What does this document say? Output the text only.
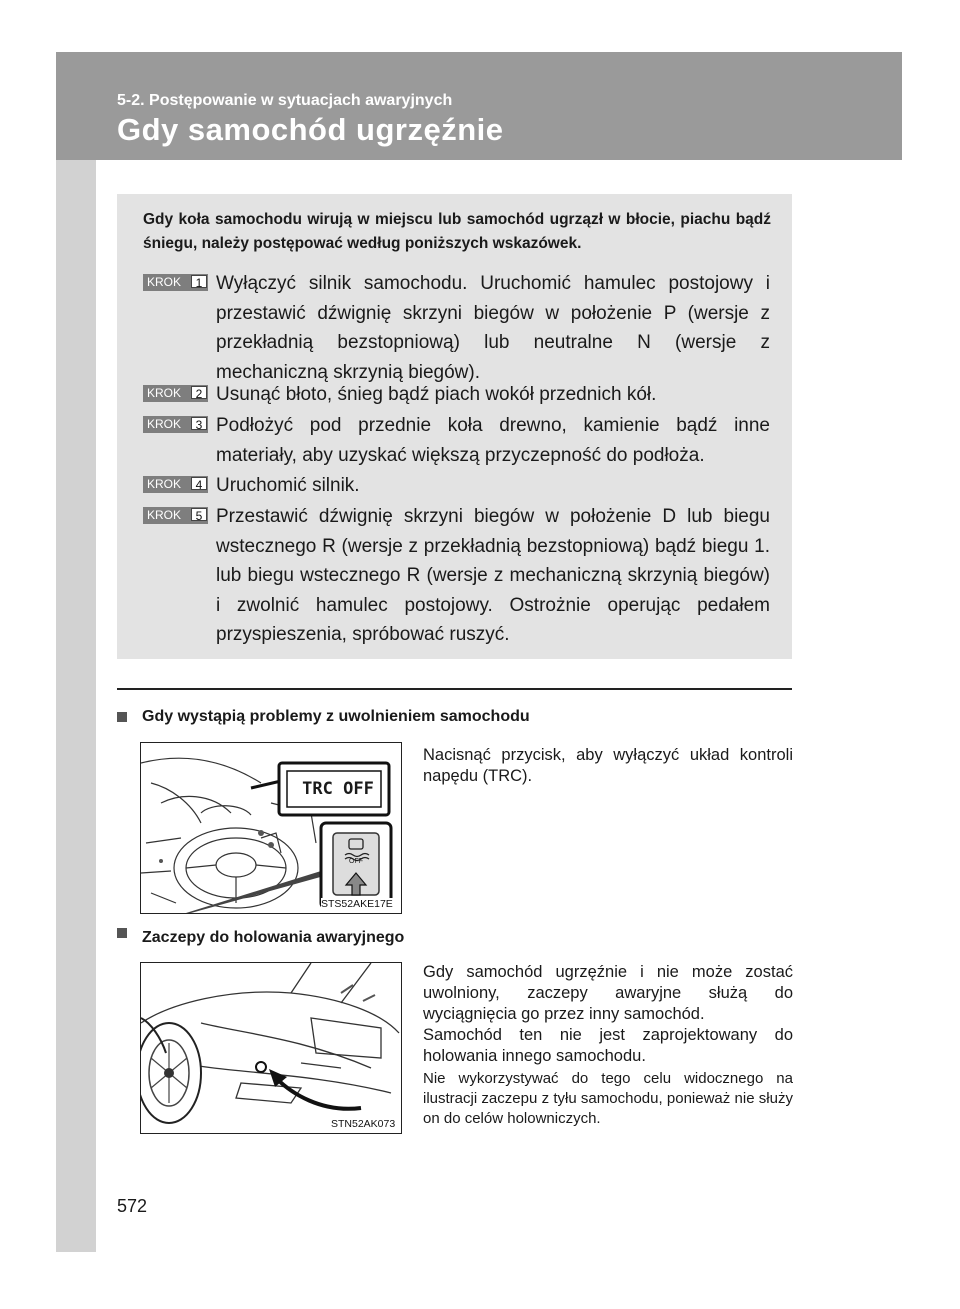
5-2. Postępowanie w sytuacjach awaryjnych
Gdy samochód ugrzęźnie
Gdy koła samochodu wirują w miejscu lub samochód ugrzązł w błocie, piachu bądź śniegu, należy postępować według poniższych wskazówek.
KROK	1 Wyłączyć silnik samochodu. Uruchomić hamulec postojowy i przestawić dźwignię skrzyni biegów w położenie P (wersje z przekładnią bezstopniową) lub neutralne N (wersje z mechaniczną skrzynią biegów).
KROK	2 Usunąć błoto, śnieg bądź piach wokół przednich kół.
KROK	3 Podłożyć pod przednie koła drewno, kamienie bądź inne materiały, aby uzyskać większą przyczepność do podłoża.
KROK	4 Uruchomić silnik.
KROK	5 Przestawić dźwignię skrzyni biegów w położenie D lub biegu wstecznego R (wersje z przekładnią bezstopniową) bądź biegu 1. lub biegu wstecznego R (wersje z mechaniczną skrzynią biegów) i zwolnić hamulec postojowy. Ostrożnie operując pedałem przyspieszenia, spróbować ruszyć.
Gdy wystąpią problemy z uwolnieniem samochodu
Nacisnąć przycisk, aby wyłączyć układ kontroli napędu (TRC).
TRC OFF
OFF
STS52AKE17E
Zaczepy do holowania awaryjnego
Gdy samochód ugrzęźnie i nie może zostać uwolniony, zaczepy awaryjne służą do wyciągnięcia go przez inny samochód.
Samochód ten nie jest zaprojektowany do holowania innego samochodu.
Nie wykorzystywać do tego celu widocznego na ilustracji zaczepu z tyłu samochodu, ponieważ nie służy on do celów holowniczych.
STN52AK073
572
